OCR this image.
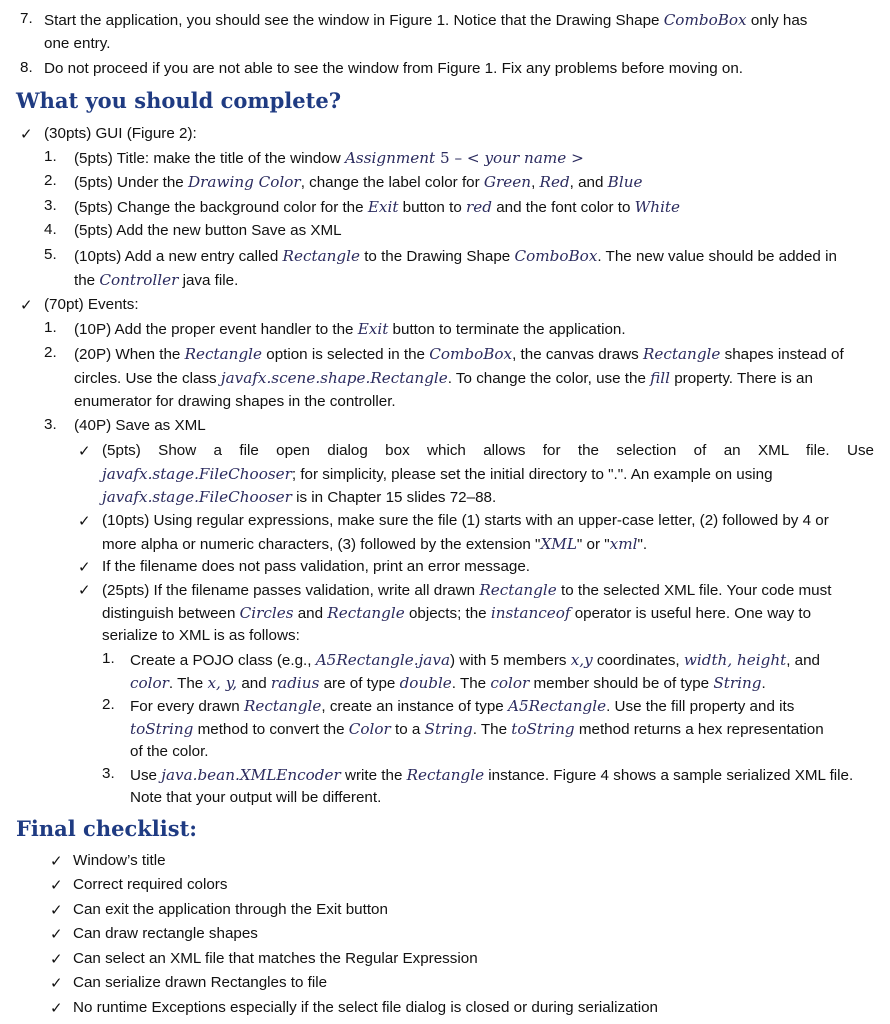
7. Start the application, you should see the window in Figure 1. Notice that the Drawing Shape ComboBox only has
one entry.
8. Do not proceed if you are not able to see the window from Figure 1. Fix any problems before moving on.
What you should complete?
✓ (30pts) GUI (Figure 2):
1. (5pts) Title: make the title of the window Assignment 5 – < your name >
2. (5pts) Under the Drawing Color, change the label color for Green, Red, and Blue
3. (5pts) Change the background color for the Exit button to red and the font color to White
4. (5pts) Add the new button Save as XML
5. (10pts) Add a new entry called Rectangle to the Drawing Shape ComboBox. The new value should be added in
the Controller java file.
✓ (70pt) Events:
1. (10P) Add the proper event handler to the Exit button to terminate the application.
2. (20P) When the Rectangle option is selected in the ComboBox, the canvas draws Rectangle shapes instead of
circles. Use the class javafx.scene.shape.Rectangle. To change the color, use the fill property. There is an
enumerator for drawing shapes in the controller.
3. (40P) Save as XML
✓ (5pts) Show a file open dialog box which allows for the selection of an XML file. Use
javafx.stage.FileChooser; for simplicity, please set the initial directory to ".". An example on using
javafx.stage.FileChooser is in Chapter 15 slides 72–88.
✓ (10pts) Using regular expressions, make sure the file (1) starts with an upper-case letter, (2) followed by 4 or
more alpha or numeric characters, (3) followed by the extension "XML" or "xml".
✓ If the filename does not pass validation, print an error message.
✓ (25pts) If the filename passes validation, write all drawn Rectangle to the selected XML file. Your code must
distinguish between Circles and Rectangle objects; the instanceof operator is useful here. One way to
serialize to XML is as follows:
1. Create a POJO class (e.g., A5Rectangle.java) with 5 members x,y coordinates, width, height, and
color. The x, y, and radius are of type double. The color member should be of type String.
2. For every drawn Rectangle, create an instance of type A5Rectangle. Use the fill property and its
toString method to convert the Color to a String. The toString method returns a hex representation
of the color.
3. Use java.bean.XMLEncoder write the Rectangle instance. Figure 4 shows a sample serialized XML file.
Note that your output will be different.
Final checklist:
✓ Window’s title
✓ Correct required colors
✓ Can exit the application through the Exit button
✓ Can draw rectangle shapes
✓ Can select an XML file that matches the Regular Expression
✓ Can serialize drawn Rectangles to file
✓ No runtime Exceptions especially if the select file dialog is closed or during serialization
